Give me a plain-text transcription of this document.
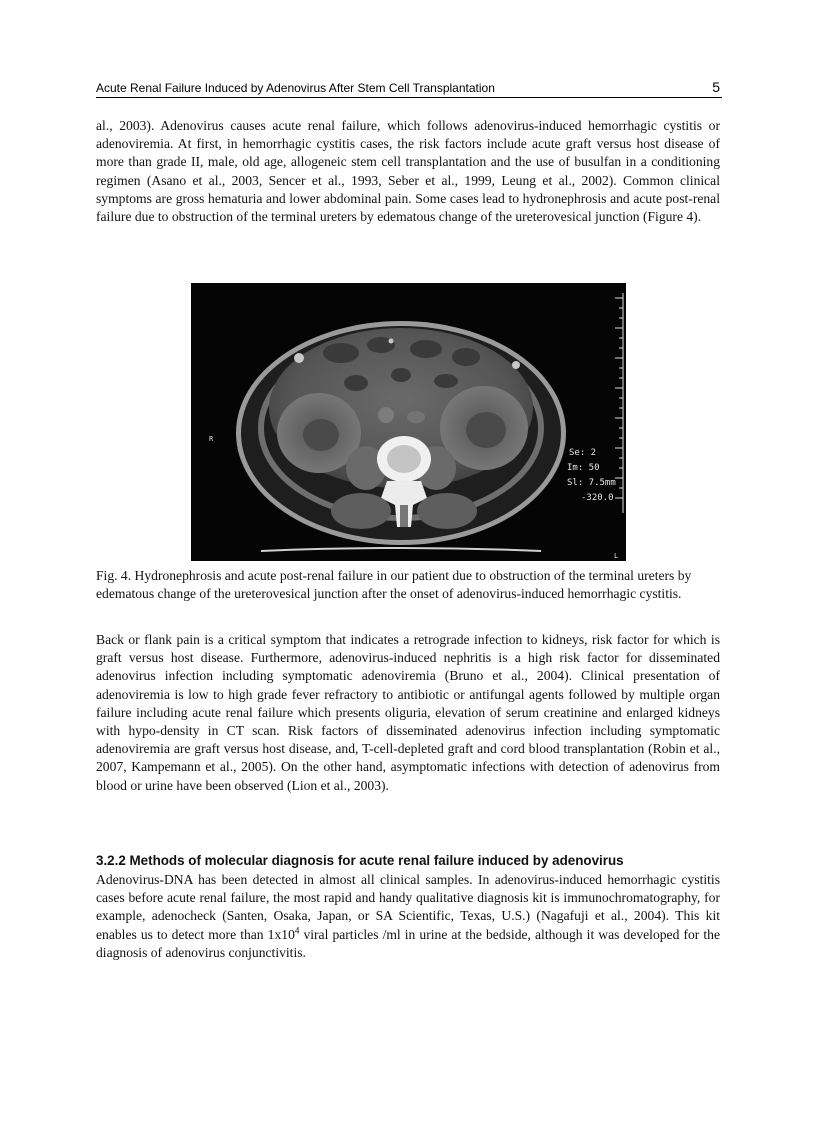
Acute Renal Failure Induced by Adenovirus After Stem Cell Transplantation	5

al., 2003). Adenovirus causes acute renal failure, which follows adenovirus-induced hemorrhagic cystitis or adenoviremia. At first, in hemorrhagic cystitis cases, the risk factors include acute graft versus host disease of more than grade II, male, old age, allogeneic stem cell transplantation and the use of busulfan in a conditioning regimen (Asano et al., 2003, Sencer et al., 1993, Seber et al., 1999, Leung et al., 2002). Common clinical symptoms are gross hematuria and lower abdominal pain. Some cases lead to hydronephrosis and acute post-renal failure due to obstruction of the terminal ureters by edematous change of the ureterovesical junction (Figure 4).

Se: 2
Im: 50
Sl: 7.5mm
-320.0
L
R

Fig. 4. Hydronephrosis and acute post-renal failure in our patient due to obstruction of the terminal ureters by edematous change of the ureterovesical junction after the onset of adenovirus-induced hemorrhagic cystitis.

Back or flank pain is a critical symptom that indicates a retrograde infection to kidneys, risk factor for which is graft versus host disease. Furthermore, adenovirus-induced nephritis is a high risk factor for disseminated adenovirus infection including symptomatic adenoviremia (Bruno et al., 2004). Clinical presentation of adenoviremia is low to high grade fever refractory to antibiotic or antifungal agents followed by multiple organ failure including acute renal failure which presents oliguria, elevation of serum creatinine and enlarged kidneys with hypo-density in CT scan. Risk factors of disseminated adenovirus infection including symptomatic adenoviremia are graft versus host disease, and, T-cell-depleted graft and cord blood transplantation (Robin et al., 2007, Kampemann et al., 2005). On the other hand, asymptomatic infections with detection of adenovirus from blood or urine have been observed (Lion et al., 2003).

3.2.2 Methods of molecular diagnosis for acute renal failure induced by adenovirus

Adenovirus-DNA has been detected in almost all clinical samples. In adenovirus-induced hemorrhagic cystitis cases before acute renal failure, the most rapid and handy qualitative diagnosis kit is immunochromatography, for example, adenocheck (Santen, Osaka, Japan, or SA Scientific, Texas, U.S.) (Nagafuji et al., 2004). This kit enables us to detect more than $1x10^4$ viral particles /ml in urine at the bedside, although it was developed for the diagnosis of adenovirus conjunctivitis.
